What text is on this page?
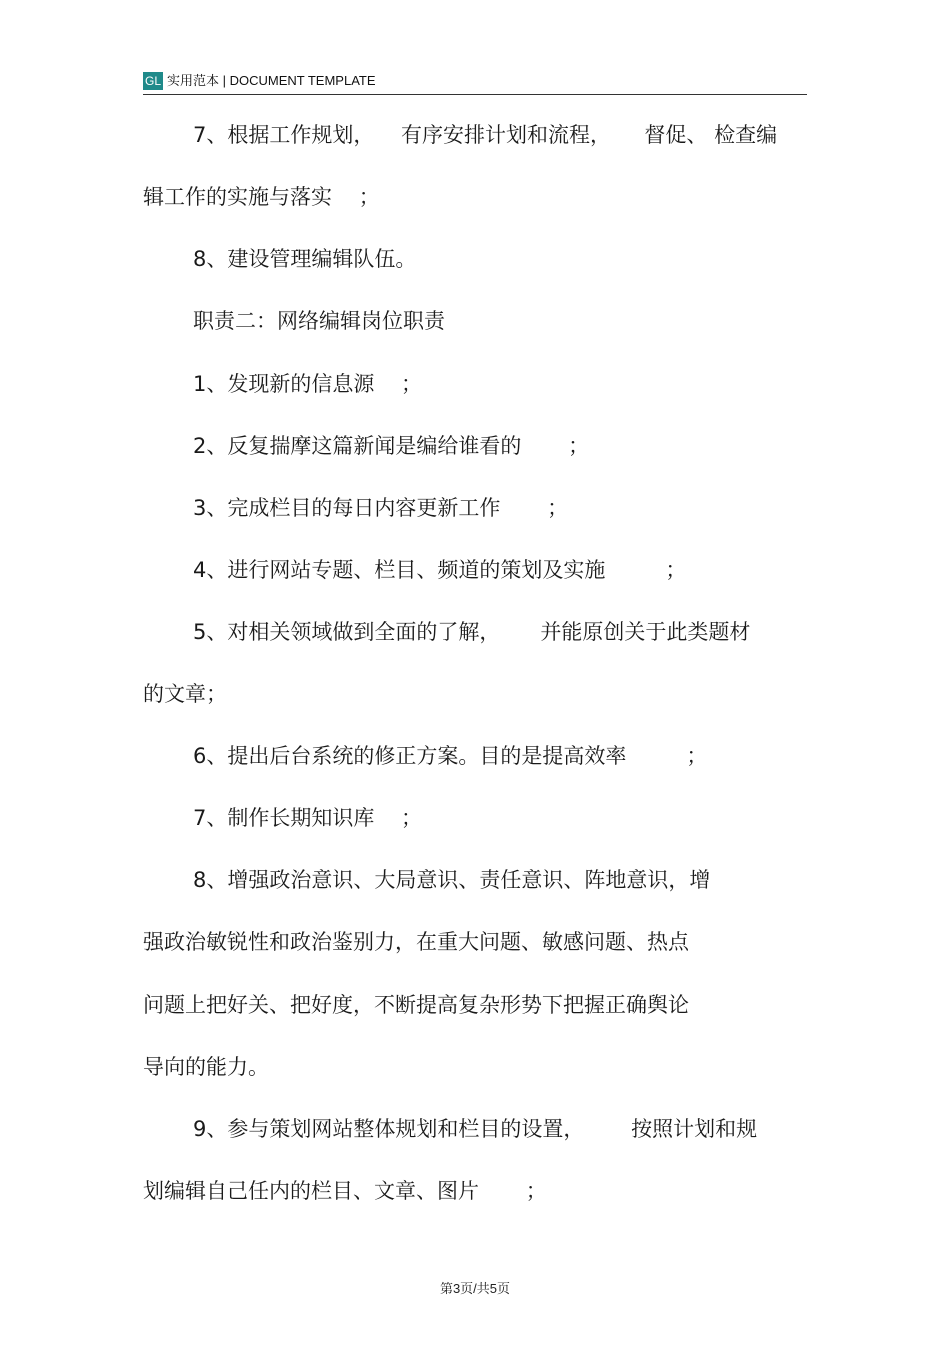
GL 实用范本 | DOCUMENT TEMPLATE
7、根据工作规划，    有序安排计划和流程，     督促、 检查编
辑工作的实施与落实    ；
8、建设管理编辑队伍。
职责二：网络编辑岗位职责
1、发现新的信息源    ；
2、反复揣摩这篇新闻是编给谁看的       ；
3、完成栏目的每日内容更新工作       ；
4、进行网站专题、栏目、频道的策划及实施         ；
5、对相关领域做到全面的了解，      并能原创关于此类题材
的文章；
6、提出后台系统的修正方案。目的是提高效率         ；
7、制作长期知识库    ；
8、增强政治意识、大局意识、责任意识、阵地意识，增
强政治敏锐性和政治鉴别力，在重大问题、敏感问题、热点
问题上把好关、把好度，不断提高复杂形势下把握正确舆论
导向的能力。
9、参与策划网站整体规划和栏目的设置，       按照计划和规
划编辑自己任内的栏目、文章、图片       ；
第3页/共5页
